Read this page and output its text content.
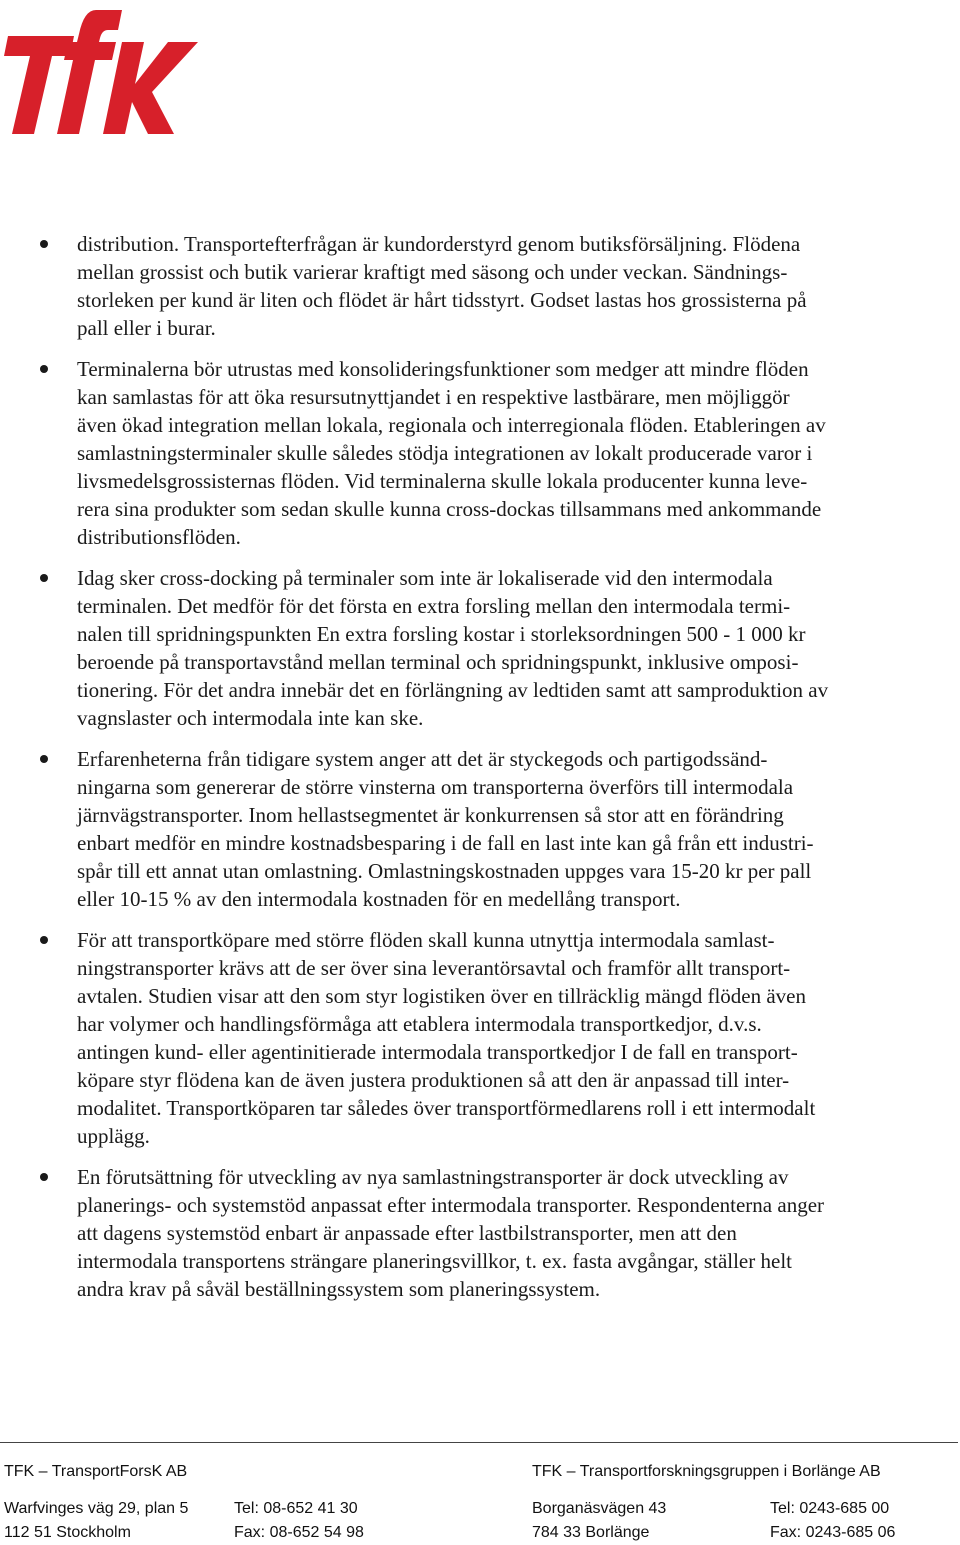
distribution. Transportefterfrågan är kundorderstyrd genom butiksförsäljning. Flödena
mellan grossist och butik varierar kraftigt med säsong och under veckan. Sändnings-
storleken per kund är liten och flödet är hårt tidsstyrt. Godset lastas hos grossisterna på
pall eller i burar.
Terminalerna bör utrustas med konsolideringsfunktioner som medger att mindre flöden
kan samlastas för att öka resursutnyttjandet i en respektive lastbärare, men möjliggör
även ökad integration mellan lokala, regionala och interregionala flöden. Etableringen av
samlastningsterminaler skulle således stödja integrationen av lokalt producerade varor i
livsmedelsgrossisternas flöden. Vid terminalerna skulle lokala producenter kunna leve-
rera sina produkter som sedan skulle kunna cross-dockas tillsammans med ankommande
distributionsflöden.
Idag sker cross-docking på terminaler som inte är lokaliserade vid den intermodala
terminalen. Det medför för det första en extra forsling mellan den intermodala termi-
nalen till spridningspunkten En extra forsling kostar i storleksordningen 500 - 1 000 kr
beroende på transportavstånd mellan terminal och spridningspunkt, inklusive omposi-
tionering. För det andra innebär det en förlängning av ledtiden samt att samproduktion av
vagnslaster och intermodala inte kan ske.
Erfarenheterna från tidigare system anger att det är styckegods och partigodssänd-
ningarna som genererar de större vinsterna om transporterna överförs till intermodala
järnvägstransporter. Inom hellastsegmentet är konkurrensen så stor att en förändring
enbart medför en mindre kostnadsbesparing i de fall en last inte kan gå från ett industri-
spår till ett annat utan omlastning. Omlastningskostnaden uppges vara 15-20 kr per pall
eller 10-15 % av den intermodala kostnaden för en medellång transport.
För att transportköpare med större flöden skall kunna utnyttja intermodala samlast-
ningstransporter krävs att de ser över sina leverantörsavtal och framför allt transport-
avtalen. Studien visar att den som styr logistiken över en tillräcklig mängd flöden även
har volymer och handlingsförmåga att etablera intermodala transportkedjor, d.v.s.
antingen kund- eller agentinitierade intermodala transportkedjor I de fall en transport-
köpare styr flödena kan de även justera produktionen så att den är anpassad till inter-
modalitet. Transportköparen tar således över transportförmedlarens roll i ett intermodalt
upplägg.
En förutsättning för utveckling av nya samlastningstransporter är dock utveckling av
planerings- och systemstöd anpassat efter intermodala transporter. Respondenterna anger
att dagens systemstöd enbart är anpassade efter lastbilstransporter, men att den
intermodala transportens strängare planeringsvillkor, t. ex. fasta avgångar, ställer helt
andra krav på såväl beställningssystem som planeringssystem.
TFK – TransportForsK AB	TFK – Transportforskningsgruppen i Borlänge AB
Warfvinges väg 29, plan 5	Tel: 08-652 41 30	Borganäsvägen 43	Tel: 0243-685 00
112 51 Stockholm	Fax: 08-652 54 98	784 33 Borlänge	Fax: 0243-685 06
